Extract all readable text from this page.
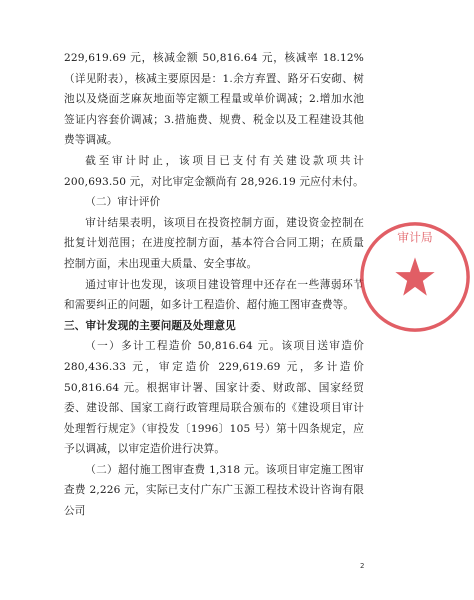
229,619.69 元，核减金额 50,816.64 元，核减率 18.12%（详见附表），核减主要原因是：1.余方弃置、路牙石安砌、树池以及烧面芝麻灰地面等定额工程量或单价调减；2.增加水池签证内容套价调减；3.措施费、规费、税金以及工程建设其他费等调减。

截至审计时止，该项目已支付有关建设款项共计 200,693.50 元，对比审定金额尚有 28,926.19 元应付未付。

（二）审计评价

审计结果表明，该项目在投资控制方面，建设资金控制在批复计划范围；在进度控制方面，基本符合合同工期；在质量控制方面，未出现重大质量、安全事故。

通过审计也发现，该项目建设管理中还存在一些薄弱环节和需要纠正的问题，如多计工程造价、超付施工图审查费等。

三、审计发现的主要问题及处理意见

（一）多计工程造价 50,816.64 元。该项目送审造价 280,436.33 元，审定造价 229,619.69 元，多计造价 50,816.64 元。根据审计署、国家计委、财政部、国家经贸委、建设部、国家工商行政管理局联合颁布的《建设项目审计处理暂行规定》（审投发〔1996〕105 号）第十四条规定，应予以调减，以审定造价进行决算。

（二）超付施工图审查费 1,318 元。该项目审定施工图审查费 2,226 元，实际已支付广东广玉源工程技术设计咨询有限公司

审计局
2
